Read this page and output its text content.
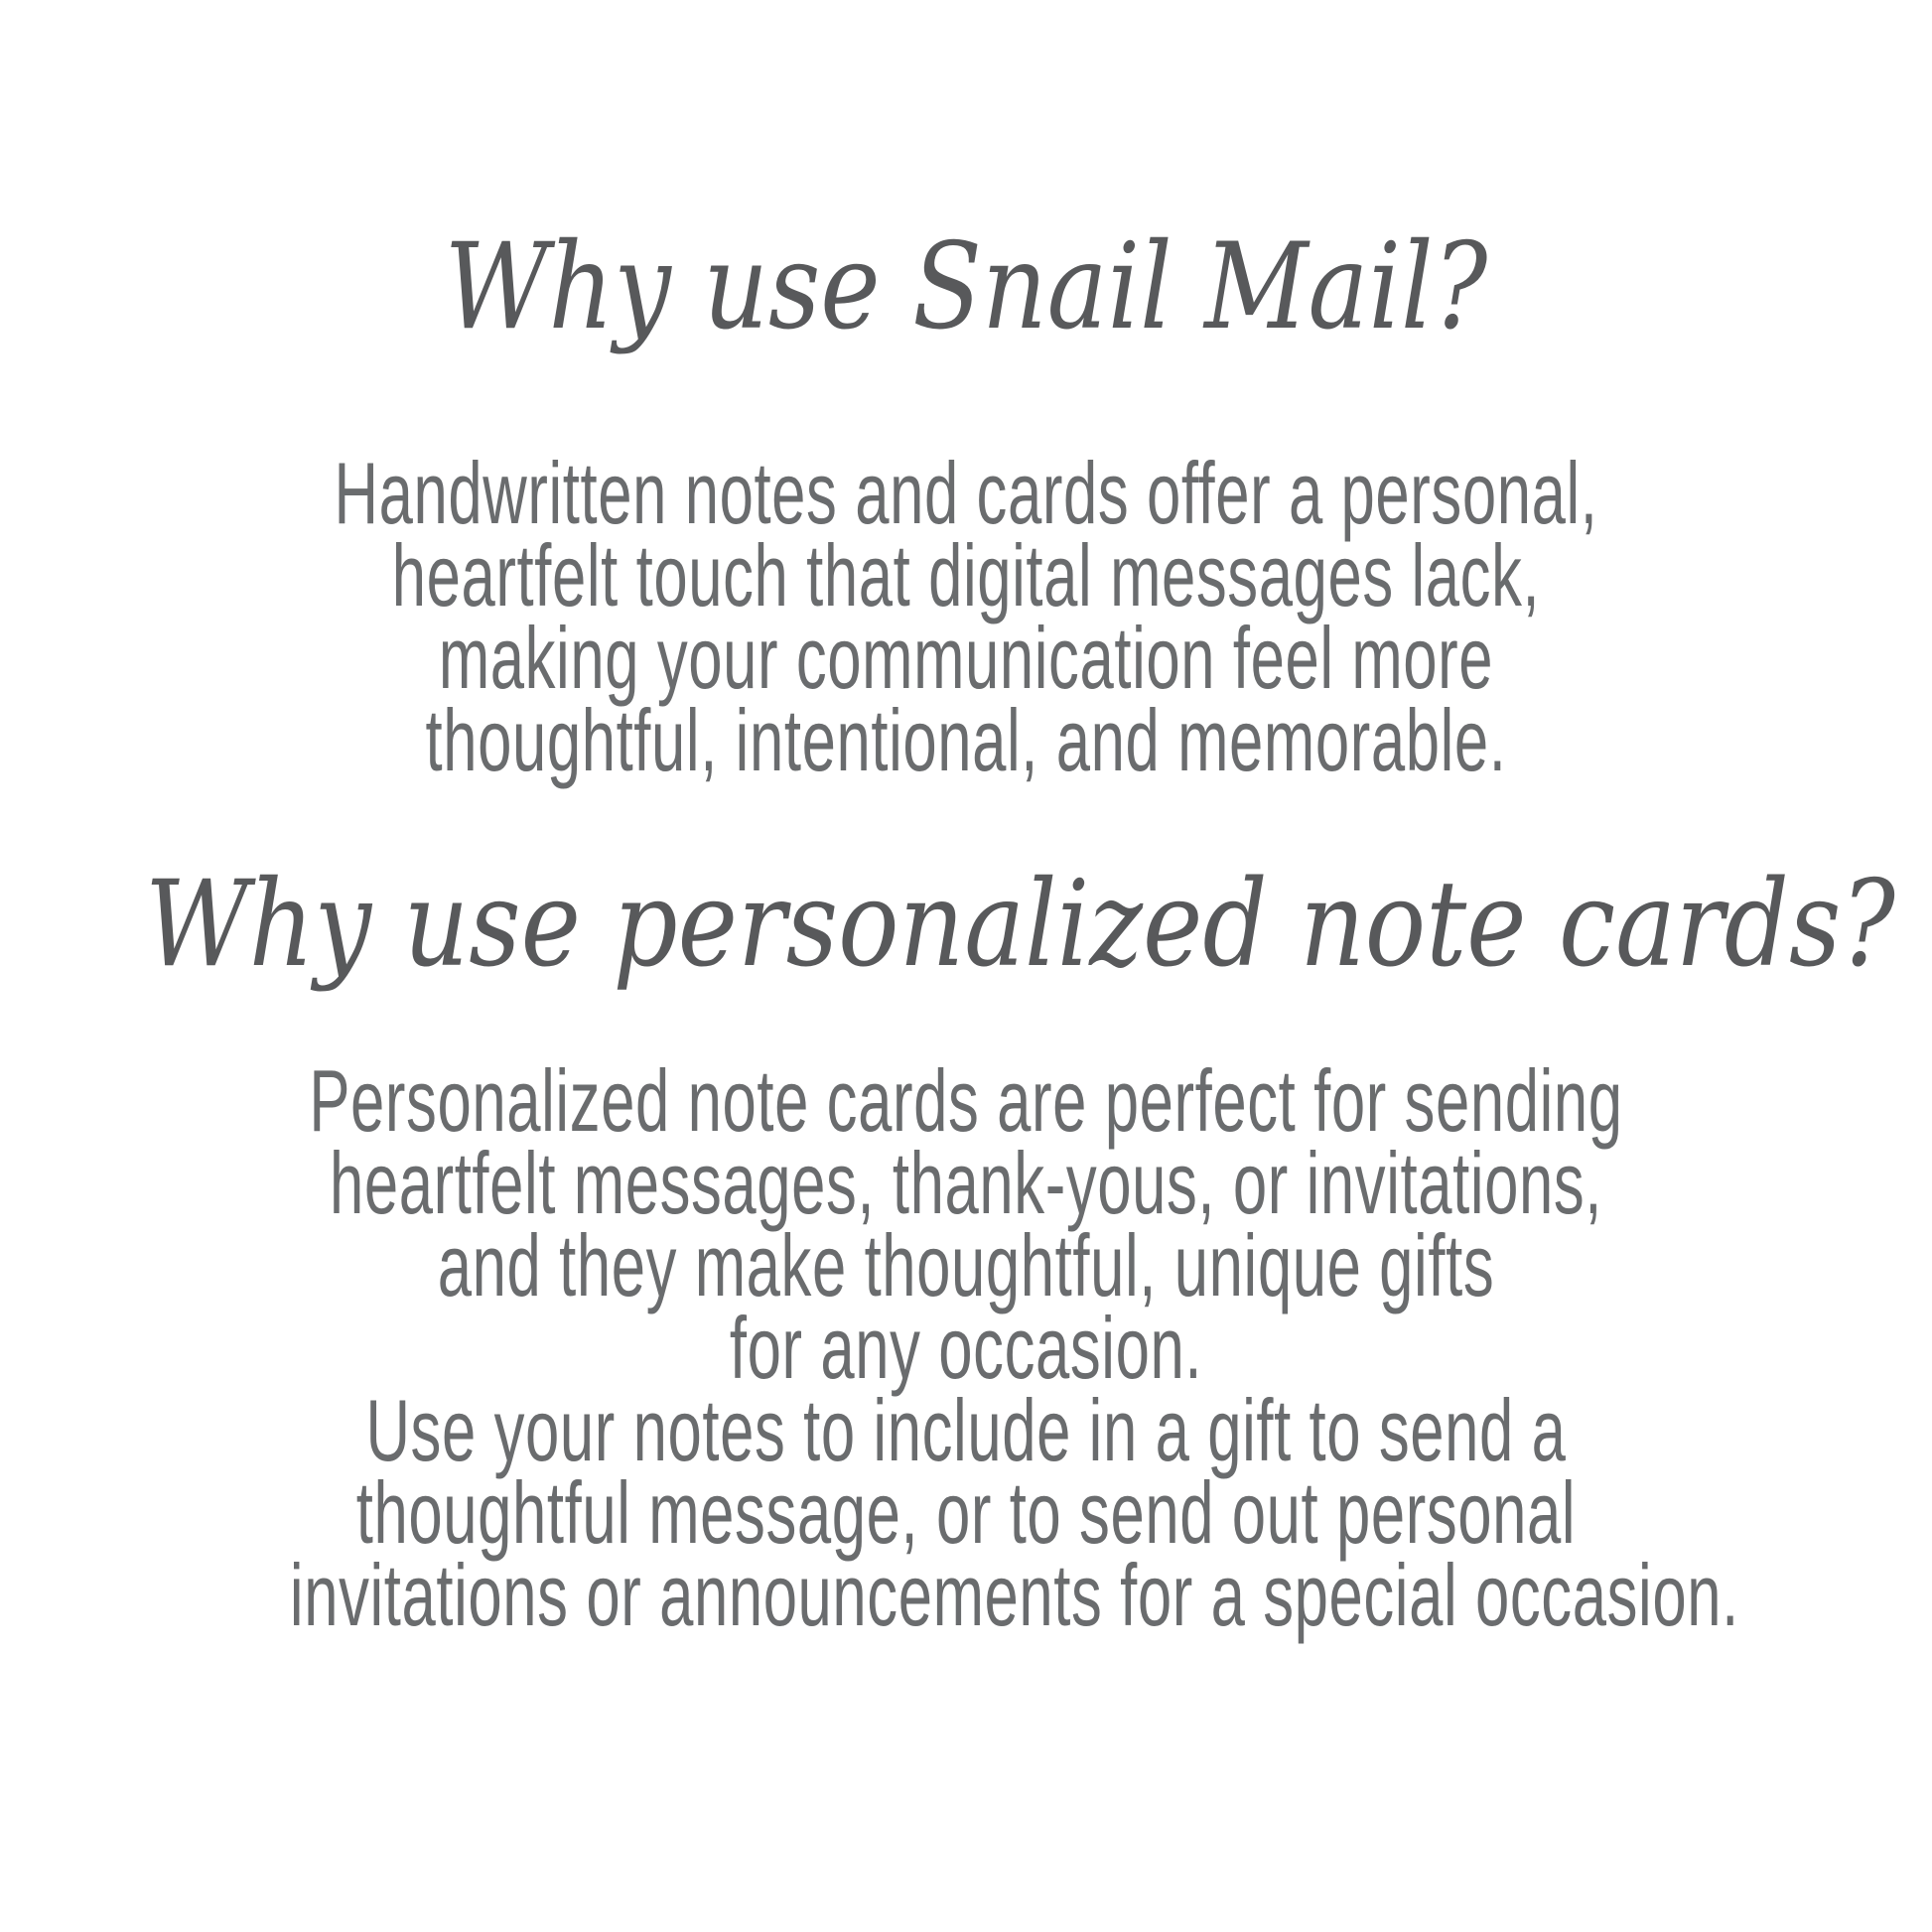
Why use Snail Mail?
Handwritten notes and cards offer a personal,
heartfelt touch that digital messages lack,
making your communication feel more
thoughtful, intentional, and memorable.
Why use personalized note cards?
Personalized note cards are perfect for sending
heartfelt messages, thank-yous, or invitations,
and they make thoughtful, unique gifts
for any occasion.
Use your notes to include in a gift to send a
thoughtful message, or to send out personal
invitations or announcements for a special occasion.
